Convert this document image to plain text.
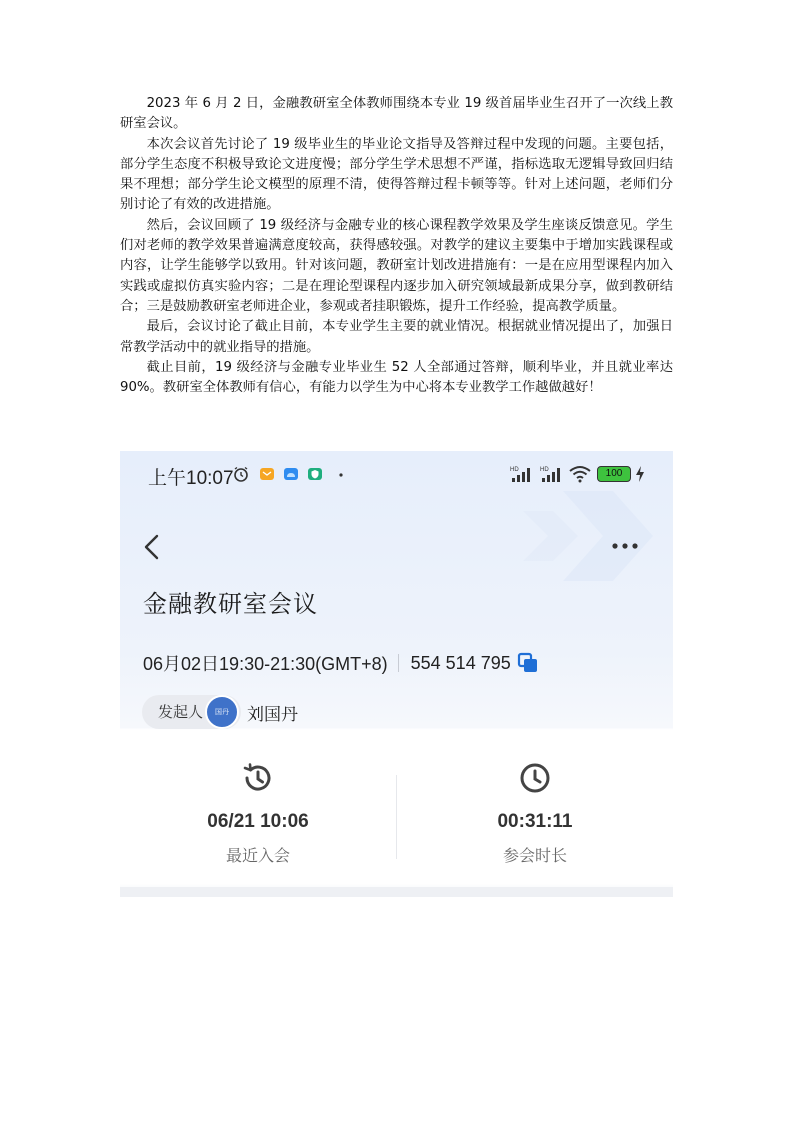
2023 年 6 月 2 日，金融教研室全体教师围绕本专业 19 级首届毕业生召开了一次线上教研室会议。

本次会议首先讨论了 19 级毕业生的毕业论文指导及答辩过程中发现的问题。主要包括，部分学生态度不积极导致论文进度慢；部分学生学术思想不严谨，指标选取无逻辑导致回归结果不理想；部分学生论文模型的原理不清，使得答辩过程卡顿等等。针对上述问题，老师们分别讨论了有效的改进措施。

然后，会议回顾了 19 级经济与金融专业的核心课程教学效果及学生座谈反馈意见。学生们对老师的教学效果普遍满意度较高，获得感较强。对教学的建议主要集中于增加实践课程或内容，让学生能够学以致用。针对该问题，教研室计划改进措施有：一是在应用型课程内加入实践或虚拟仿真实验内容；二是在理论型课程内逐步加入研究领域最新成果分享，做到教研结合；三是鼓励教研室老师进企业，参观或者挂职锻炼，提升工作经验，提高教学质量。

最后，会议讨论了截止目前，本专业学生主要的就业情况。根据就业情况提出了，加强日常教学活动中的就业指导的措施。

截止目前，19 级经济与金融专业毕业生 52 人全部通过答辩，顺利毕业，并且就业率达 90%。教研室全体教师有信心，有能力以学生为中心将本专业教学工作越做越好！

上午10:07	HD	HD	100
金融教研室会议
06月02日19:30-21:30(GMT+8) 554 514 795
发起人	国丹	刘国丹
06/21 10:06
最近入会
00:31:11
参会时长
